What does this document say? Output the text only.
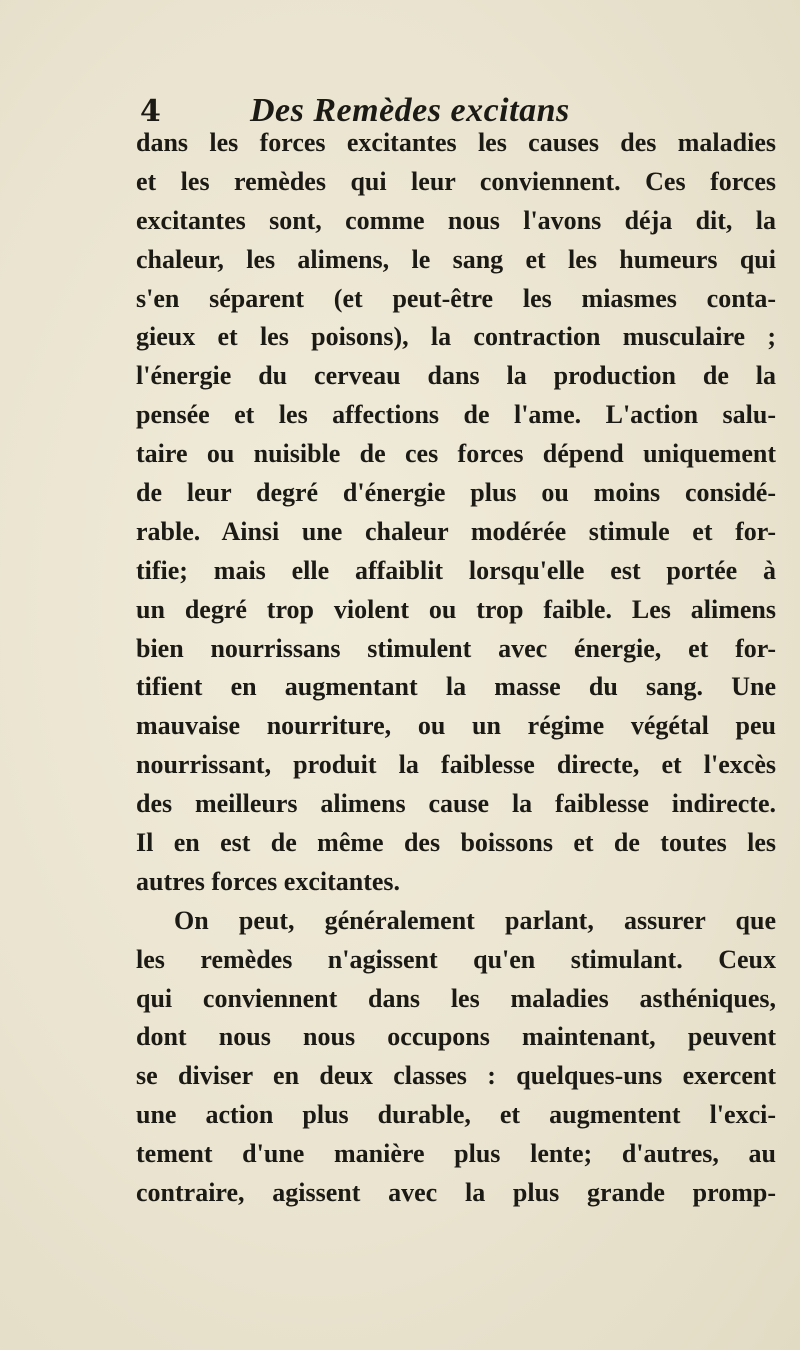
4	Des Remèdes excitans
dans les forces excitantes les causes des maladies
et les remèdes qui leur conviennent. Ces forces
excitantes sont, comme nous l'avons déja dit, la
chaleur, les alimens, le sang et les humeurs qui
s'en séparent (et peut-être les miasmes conta-
gieux et les poisons), la contraction musculaire ;
l'énergie du cerveau dans la production de la
pensée et les affections de l'ame. L'action salu-
taire ou nuisible de ces forces dépend uniquement
de leur degré d'énergie plus ou moins considé-
rable. Ainsi une chaleur modérée stimule et for-
tifie; mais elle affaiblit lorsqu'elle est portée à
un degré trop violent ou trop faible. Les alimens
bien nourrissans stimulent avec énergie, et for-
tifient en augmentant la masse du sang. Une
mauvaise nourriture, ou un régime végétal peu
nourrissant, produit la faiblesse directe, et l'excès
des meilleurs alimens cause la faiblesse indirecte.
Il en est de même des boissons et de toutes les
autres forces excitantes.
On peut, généralement parlant, assurer que
les remèdes n'agissent qu'en stimulant. Ceux
qui conviennent dans les maladies asthéniques,
dont nous nous occupons maintenant, peuvent
se diviser en deux classes : quelques-uns exercent
une action plus durable, et augmentent l'exci-
tement d'une manière plus lente; d'autres, au
contraire, agissent avec la plus grande promp-
